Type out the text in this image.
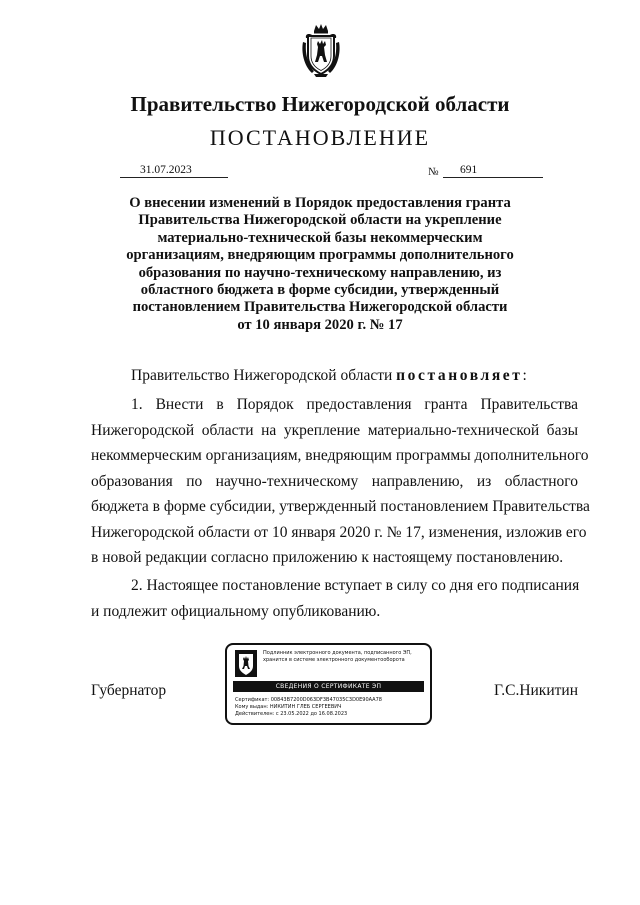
Правительство Нижегородской области
ПОСТАНОВЛЕНИЕ
31.07.2023	№	691
О внесении изменений в Порядок предоставления гранта
Правительства Нижегородской области на укрепление
материально-технической базы некоммерческим
организациям, внедряющим программы дополнительного
образования по научно-техническому направлению, из
областного бюджета в форме субсидии, утвержденный
постановлением Правительства Нижегородской области
от 10 января 2020 г. № 17
Правительство Нижегородской области постановляет:
1. Внести в Порядок предоставления гранта Правительства
Нижегородской области на укрепление материально-технической базы
некоммерческим организациям, внедряющим программы дополнительного
образования по научно-техническому направлению, из областного
бюджета в форме субсидии, утвержденный постановлением Правительства
Нижегородской области от 10 января 2020 г. № 17, изменения, изложив его
в новой редакции согласно приложению к настоящему постановлению.
2. Настоящее постановление вступает в силу со дня его подписания
и подлежит официальному опубликованию.
Губернатор	Г.С.Никитин
Подлинник электронного документа, подписанного ЭП,
хранится в системе электронного документооборота
СВЕДЕНИЯ О СЕРТИФИКАТЕ ЭП
Сертификат: 00843B7200D063DF3B47035C3D0E90AA78
Кому выдан: НИКИТИН ГЛЕБ СЕРГЕЕВИЧ
Действителен: с 23.05.2022 до 16.08.2023
